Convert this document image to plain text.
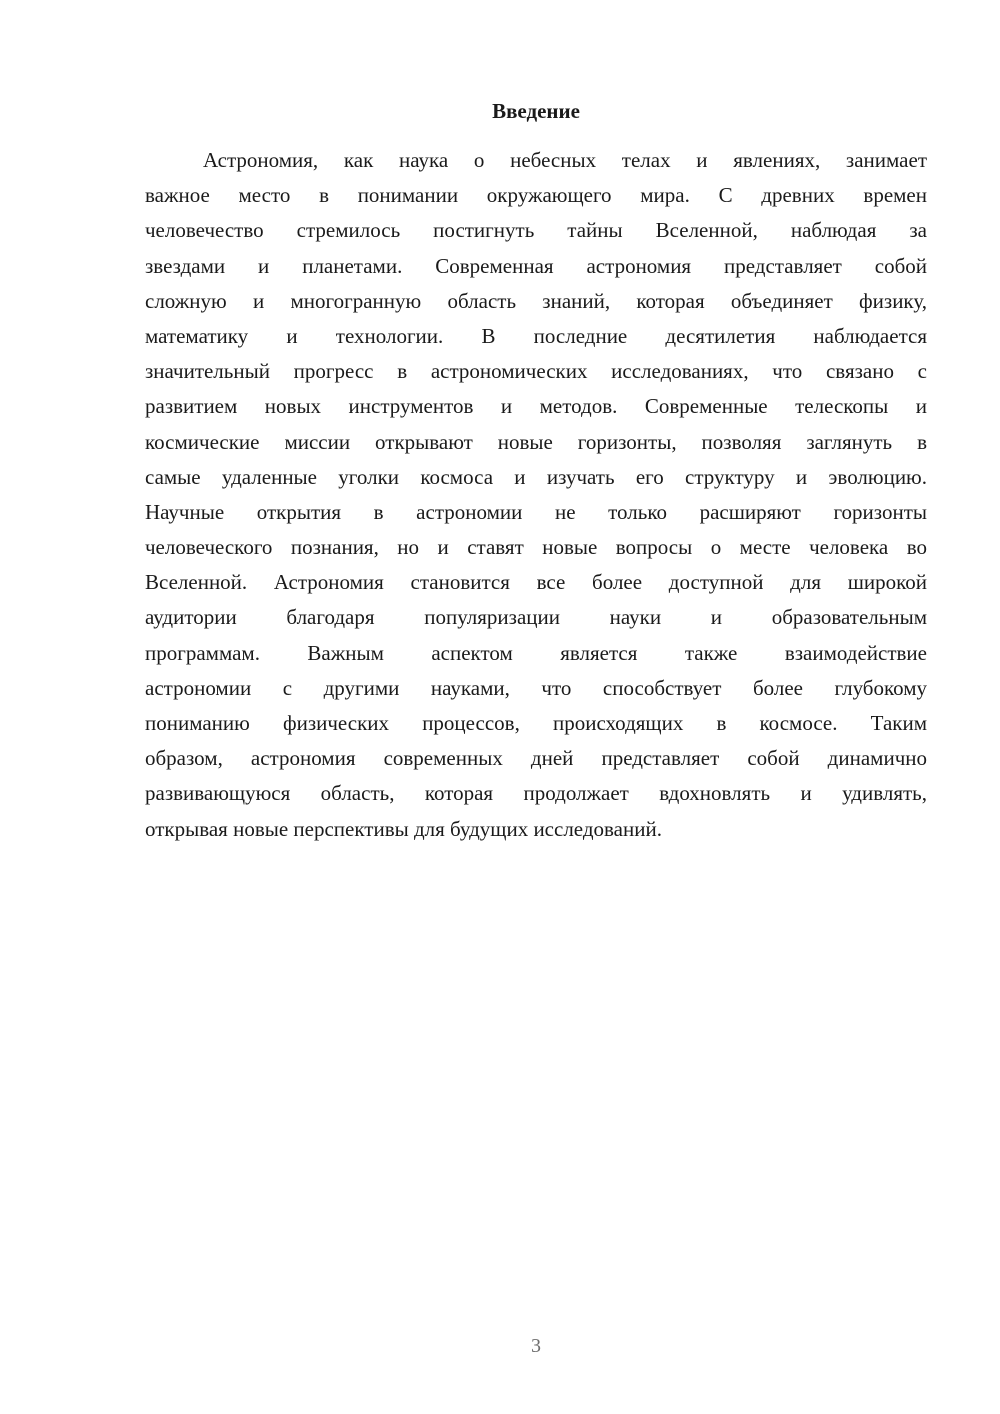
Введение
Астрономия, как наука о небесных телах и явлениях, занимает
важное место в понимании окружающего мира. С древних времен
человечество стремилось постигнуть тайны Вселенной, наблюдая за
звездами и планетами. Современная астрономия представляет собой
сложную и многогранную область знаний, которая объединяет физику,
математику и технологии. В последние десятилетия наблюдается
значительный прогресс в астрономических исследованиях, что связано с
развитием новых инструментов и методов. Современные телескопы и
космические миссии открывают новые горизонты, позволяя заглянуть в
самые удаленные уголки космоса и изучать его структуру и эволюцию.
Научные открытия в астрономии не только расширяют горизонты
человеческого познания, но и ставят новые вопросы о месте человека во
Вселенной. Астрономия становится все более доступной для широкой
аудитории благодаря популяризации науки и образовательным
программам. Важным аспектом является также взаимодействие
астрономии с другими науками, что способствует более глубокому
пониманию физических процессов, происходящих в космосе. Таким
образом, астрономия современных дней представляет собой динамично
развивающуюся область, которая продолжает вдохновлять и удивлять,
открывая новые перспективы для будущих исследований.
3
